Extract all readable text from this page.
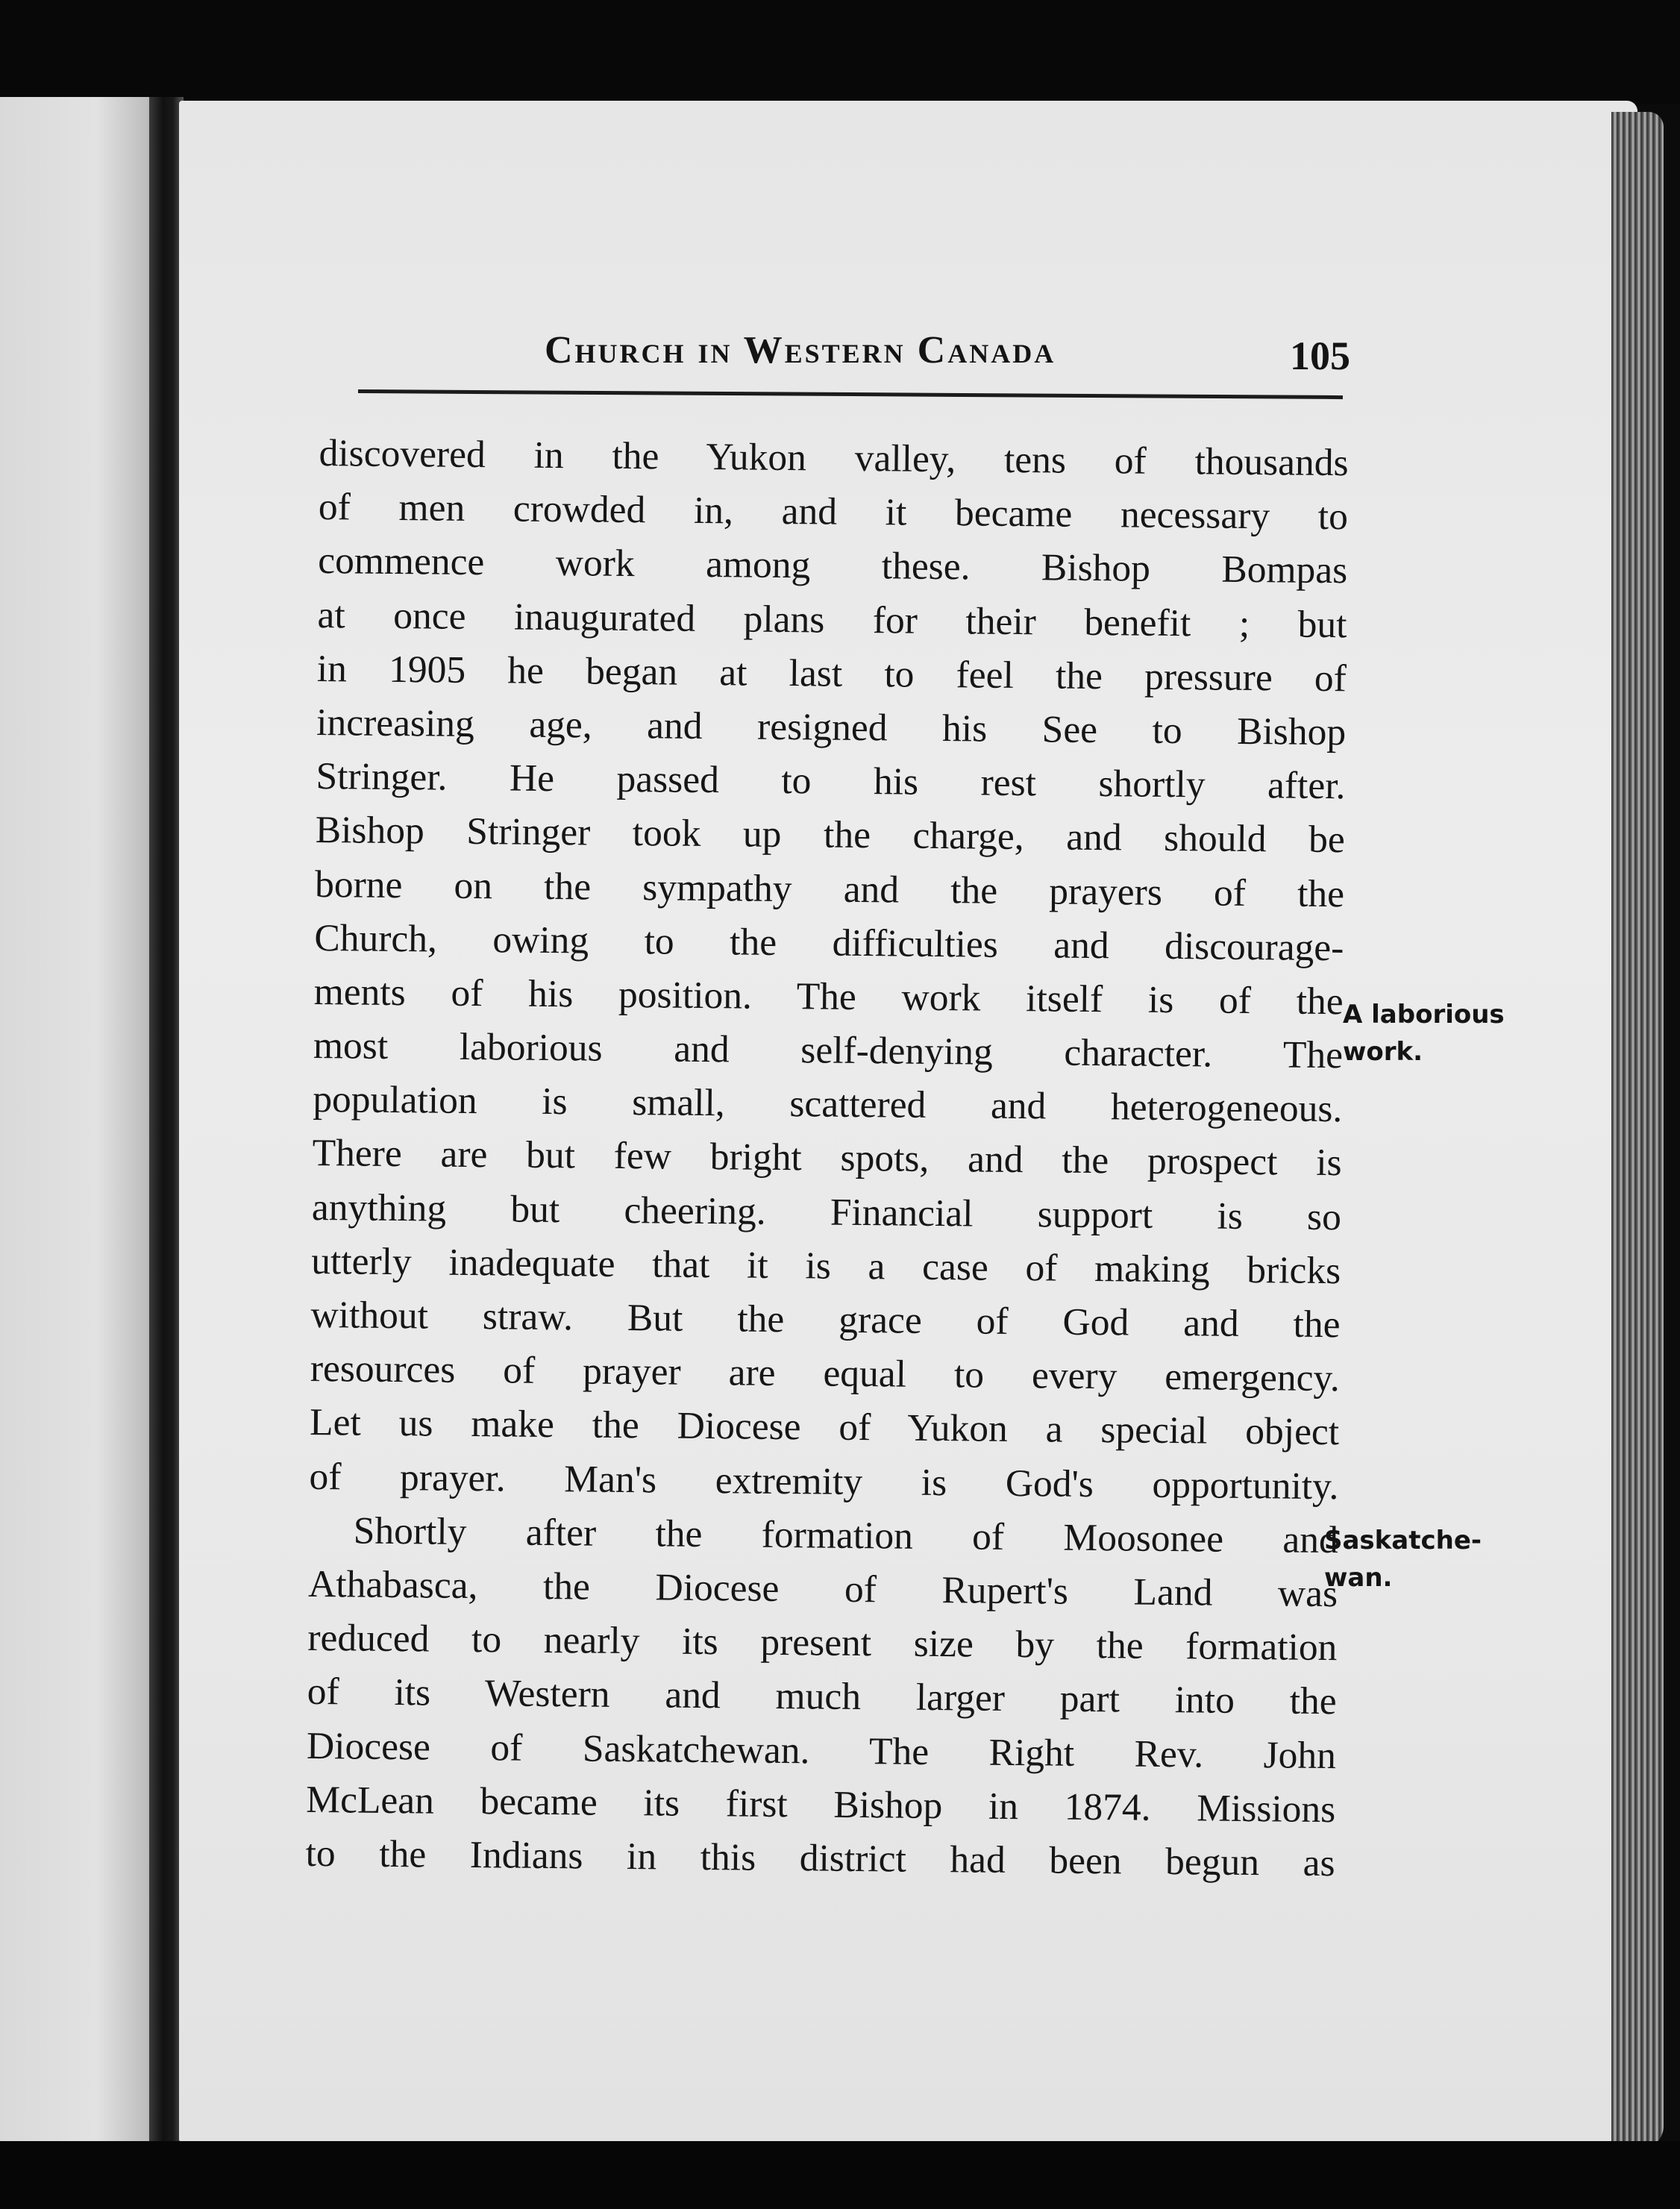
Church in Western Canada	105
discovered in the Yukon valley, tens of thousands
of men crowded in, and it became necessary to
commence work among these. Bishop Bompas
at once inaugurated plans for their benefit ; but
in 1905 he began at last to feel the pressure of
increasing age, and resigned his See to Bishop
Stringer. He passed to his rest shortly after.
Bishop Stringer took up the charge, and should be
borne on the sympathy and the prayers of the
Church, owing to the difficulties and discourage-
ments of his position. The work itself is of the
most laborious and self-denying character. The
population is small, scattered and heterogeneous.
There are but few bright spots, and the prospect is
anything but cheering. Financial support is so
utterly inadequate that it is a case of making bricks
without straw. But the grace of God and the
resources of prayer are equal to every emergency.
Let us make the Diocese of Yukon a special object
of prayer. Man's extremity is God's opportunity.
Shortly after the formation of Moosonee and
Athabasca, the Diocese of Rupert's Land was
reduced to nearly its present size by the formation
of its Western and much larger part into the
Diocese of Saskatchewan. The Right Rev. John
McLean became its first Bishop in 1874. Missions
to the Indians in this district had been begun as
A laborious
work.
Saskatche-
wan.
